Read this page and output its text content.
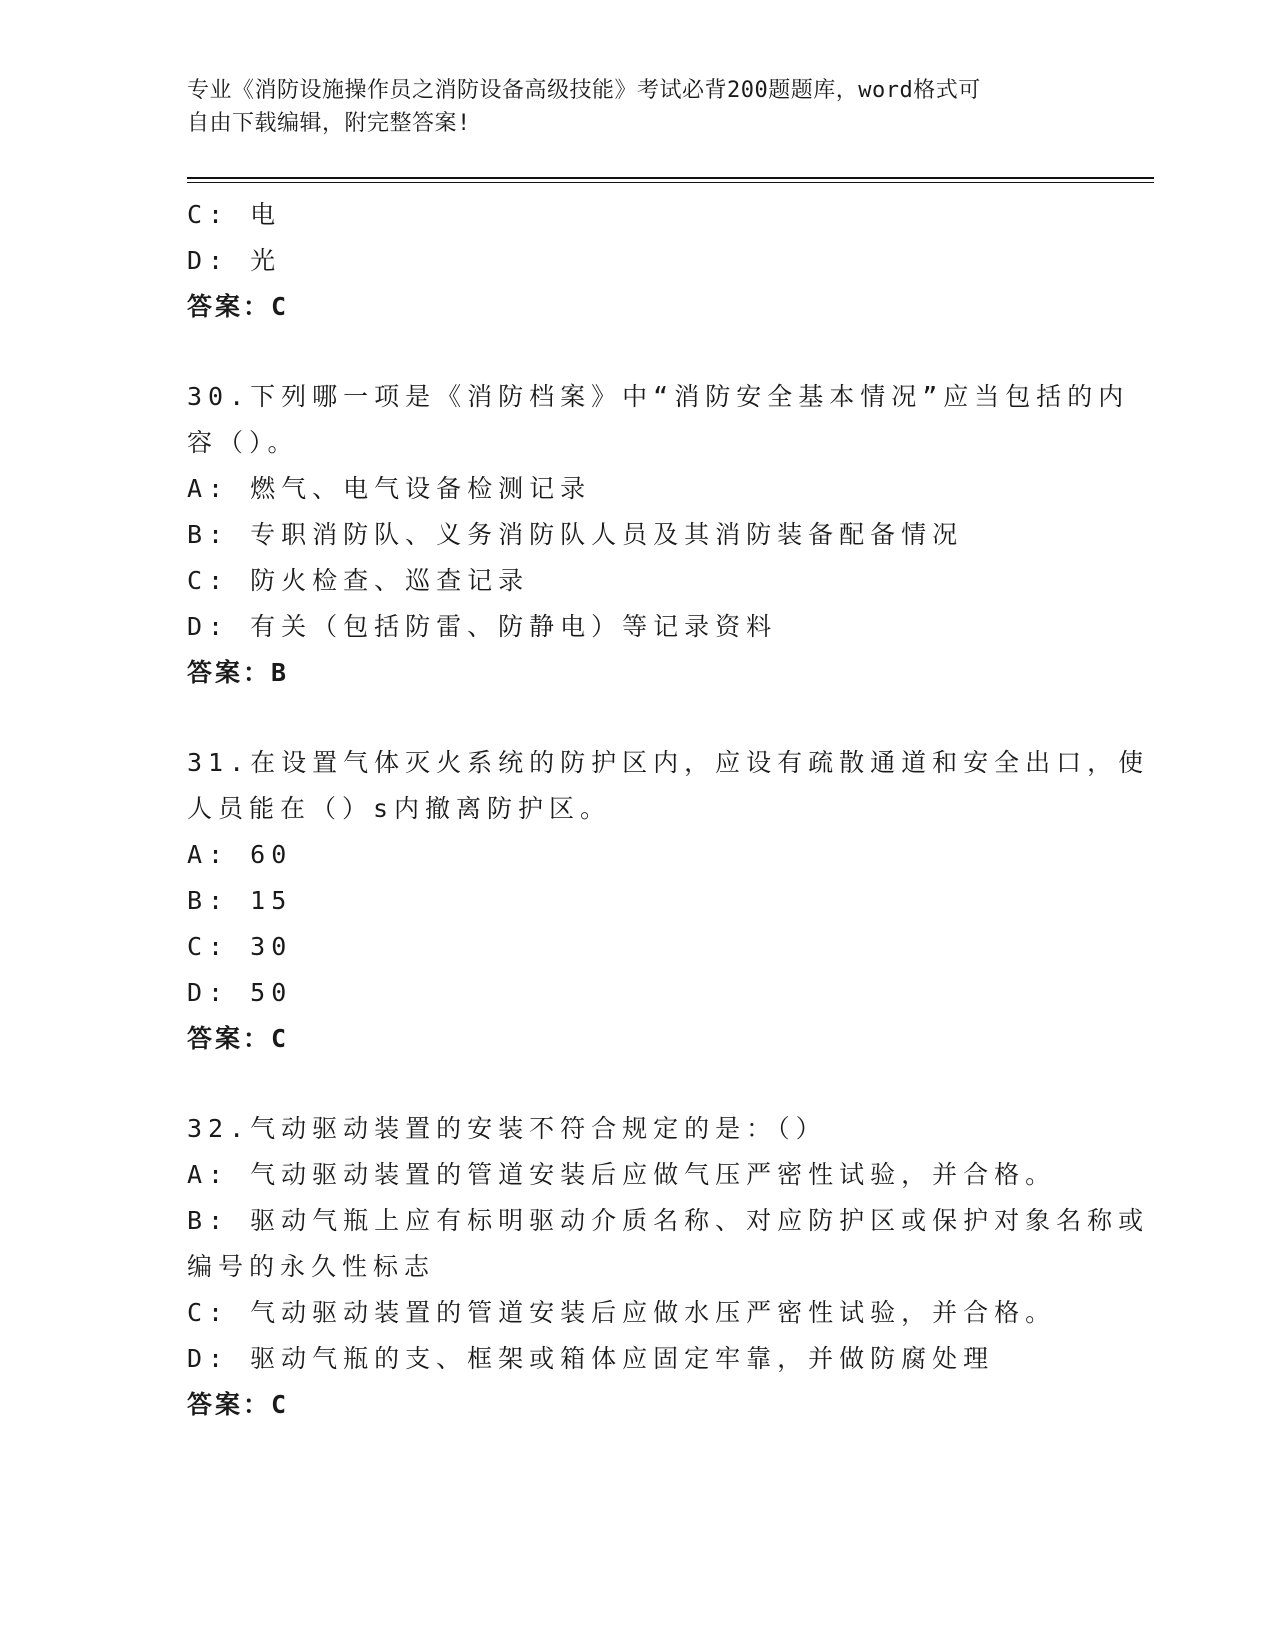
专业《消防设施操作员之消防设备高级技能》考试必背200题题库，word格式可
自由下载编辑，附完整答案!
C: 电
D: 光
答案：C
30.下列哪一项是《消防档案》中“消防安全基本情况”应当包括的内
容（）。
A: 燃气、电气设备检测记录
B: 专职消防队、义务消防队人员及其消防装备配备情况
C: 防火检查、巡查记录
D: 有关（包括防雷、防静电）等记录资料
答案：B
31.在设置气体灭火系统的防护区内，应设有疏散通道和安全出口，使
人员能在（）s内撤离防护区。
A: 60
B: 15
C: 30
D: 50
答案：C
32.气动驱动装置的安装不符合规定的是：（）
A: 气动驱动装置的管道安装后应做气压严密性试验，并合格。
B: 驱动气瓶上应有标明驱动介质名称、对应防护区或保护对象名称或
编号的永久性标志
C: 气动驱动装置的管道安装后应做水压严密性试验，并合格。
D: 驱动气瓶的支、框架或箱体应固定牢靠，并做防腐处理
答案：C
